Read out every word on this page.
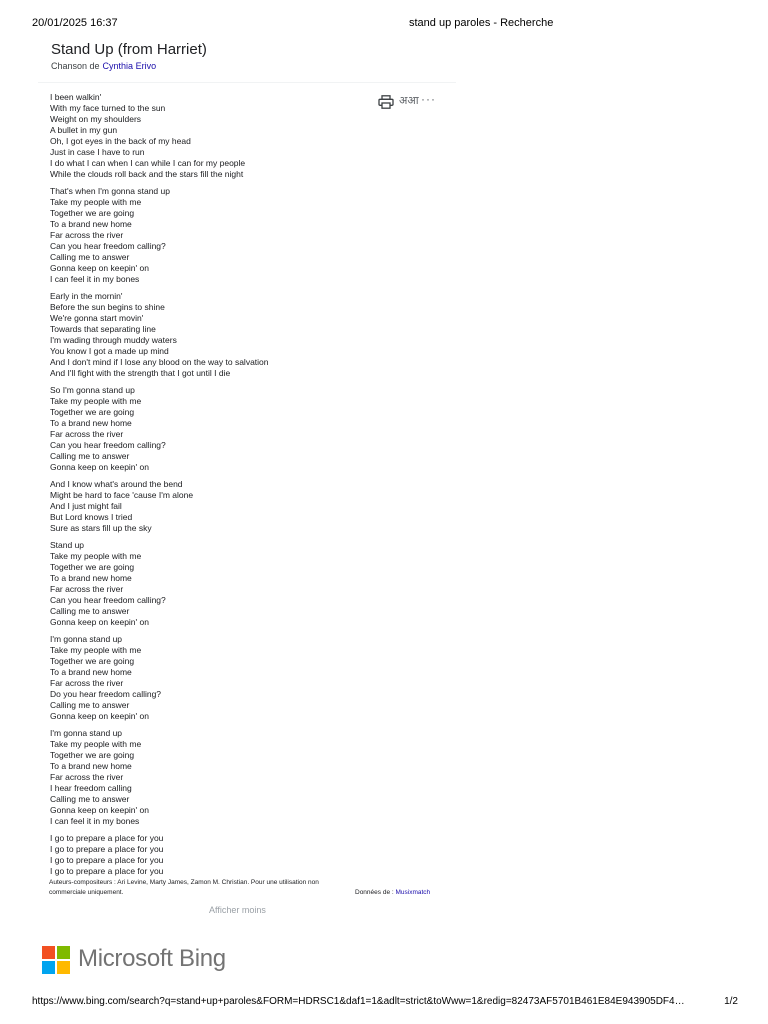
20/01/2025 16:37	stand up paroles - Recherche
Stand Up (from Harriet)
Chanson de Cynthia Erivo
अआ ···
I been walkin'
With my face turned to the sun
Weight on my shoulders
A bullet in my gun
Oh, I got eyes in the back of my head
Just in case I have to run
I do what I can when I can while I can for my people
While the clouds roll back and the stars fill the night
That's when I'm gonna stand up
Take my people with me
Together we are going
To a brand new home
Far across the river
Can you hear freedom calling?
Calling me to answer
Gonna keep on keepin' on
I can feel it in my bones
Early in the mornin'
Before the sun begins to shine
We're gonna start movin'
Towards that separating line
I'm wading through muddy waters
You know I got a made up mind
And I don't mind if I lose any blood on the way to salvation
And I'll fight with the strength that I got until I die
So I'm gonna stand up
Take my people with me
Together we are going
To a brand new home
Far across the river
Can you hear freedom calling?
Calling me to answer
Gonna keep on keepin' on
And I know what's around the bend
Might be hard to face 'cause I'm alone
And I just might fail
But Lord knows I tried
Sure as stars fill up the sky
Stand up
Take my people with me
Together we are going
To a brand new home
Far across the river
Can you hear freedom calling?
Calling me to answer
Gonna keep on keepin' on
I'm gonna stand up
Take my people with me
Together we are going
To a brand new home
Far across the river
Do you hear freedom calling?
Calling me to answer
Gonna keep on keepin' on
I'm gonna stand up
Take my people with me
Together we are going
To a brand new home
Far across the river
I hear freedom calling
Calling me to answer
Gonna keep on keepin' on
I can feel it in my bones
I go to prepare a place for you
I go to prepare a place for you
I go to prepare a place for you
I go to prepare a place for you
Auteurs-compositeurs : Ari Levine, Marty James, Zamon M. Christian. Pour une utilisation non commerciale uniquement.	Données de : Musixmatch
Afficher moins
Microsoft Bing
https://www.bing.com/search?q=stand+up+paroles&FORM=HDRSC1&daf1=1&adlt=strict&toWww=1&redig=82473AF5701B461E84E943905DF4…	1/2
